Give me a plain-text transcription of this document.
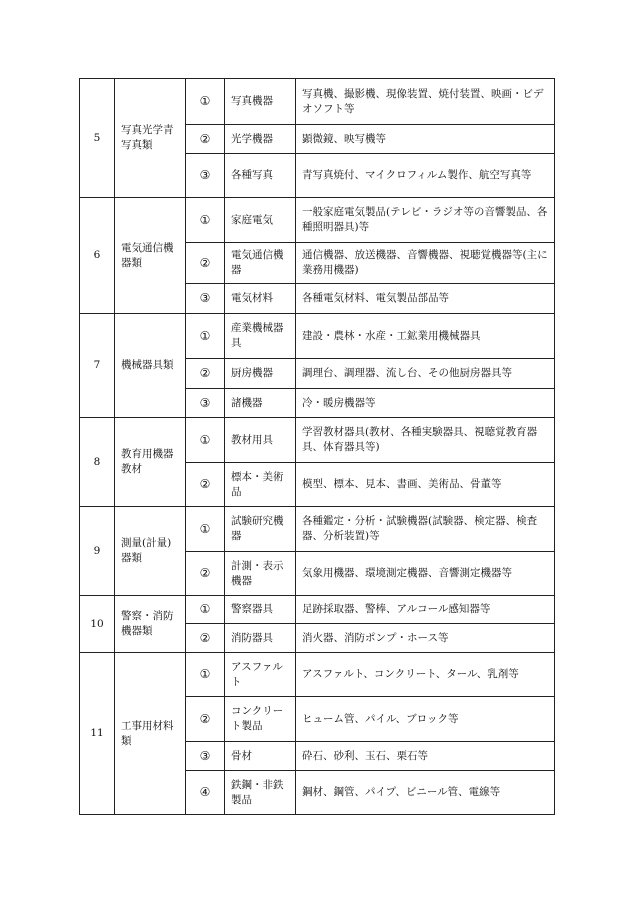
5	写真光学青写真類	①	写真機器	写真機、撮影機、現像装置、焼付装置、映画・ビデオソフト等
		②	光学機器	顕微鏡、映写機等
		③	各種写真	青写真焼付、マイクロフィルム製作、航空写真等
6	電気通信機器類	①	家庭電気	一般家庭電気製品(テレビ・ラジオ等の音響製品、各種照明器具)等
		②	電気通信機器	通信機器、放送機器、音響機器、視聴覚機器等(主に業務用機器)
		③	電気材料	各種電気材料、電気製品部品等
7	機械器具類	①	産業機械器具	建設・農林・水産・工鉱業用機械器具
		②	厨房機器	調理台、調理器、流し台、その他厨房器具等
		③	諸機器	冷・暖房機器等
8	教育用機器教材	①	教材用具	学習教材器具(教材、各種実験器具、視聴覚教育器具、体育器具等)
		②	標本・美術品	模型、標本、見本、書画、美術品、骨董等
9	測量(計量)器類	①	試験研究機器	各種鑑定・分析・試験機器(試験器、検定器、検査器、分析装置)等
		②	計測・表示機器	気象用機器、環境測定機器、音響測定機器等
10	警察・消防機器類	①	警察器具	足跡採取器、警棒、アルコール感知器等
		②	消防器具	消火器、消防ポンプ・ホース等
11	工事用材料類	①	アスファルト	アスファルト、コンクリート、タール、乳剤等
		②	コンクリート製品	ヒューム管、パイル、ブロック等
		③	骨材	砕石、砂利、玉石、栗石等
		④	鉄鋼・非鉄製品	鋼材、鋼管、パイプ、ビニール管、電線等
